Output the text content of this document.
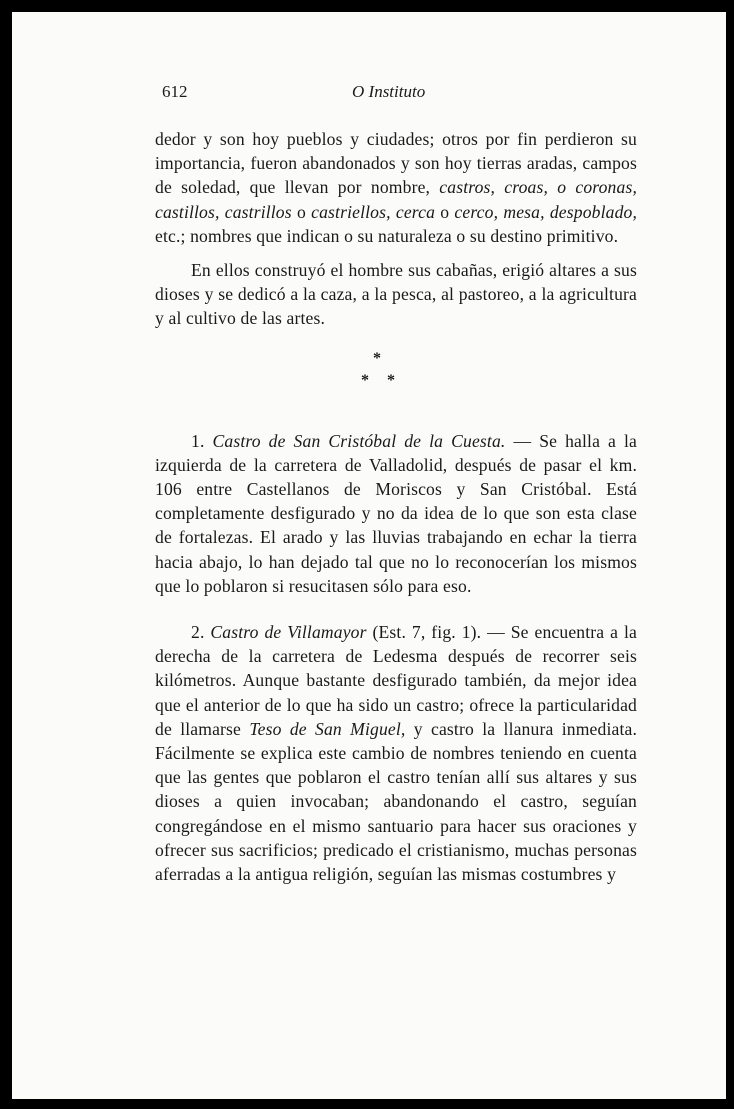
612	O Instituto

dedor y son hoy pueblos y ciudades; otros por fin perdieron su importancia, fueron abandonados y son hoy tierras aradas, campos de soledad, que llevan por nombre, castros, croas, o coronas, castillos, castrillos o castriellos, cerca o cerco, mesa, despoblado, etc.; nombres que indican o su naturaleza o su destino primitivo.

En ellos construyó el hombre sus cabañas, erigió altares a sus dioses y se dedicó a la caza, a la pesca, al pastoreo, a la agricultura y al cultivo de las artes.

*
* *

1. Castro de San Cristóbal de la Cuesta. — Se halla a la izquierda de la carretera de Valladolid, después de pasar el km. 106 entre Castellanos de Moriscos y San Cristóbal. Está completamente desfigurado y no da idea de lo que son esta clase de fortalezas. El arado y las lluvias trabajando en echar la tierra hacia abajo, lo han dejado tal que no lo reconocerían los mismos que lo poblaron si resucitasen sólo para eso.

2. Castro de Villamayor (Est. 7, fig. 1). — Se encuentra a la derecha de la carretera de Ledesma después de recorrer seis kilómetros. Aunque bastante desfigurado también, da mejor idea que el anterior de lo que ha sido un castro; ofrece la particularidad de llamarse Teso de San Miguel, y castro la llanura inmediata. Fácilmente se explica este cambio de nombres teniendo en cuenta que las gentes que poblaron el castro tenían allí sus altares y sus dioses a quien invocaban; abandonando el castro, seguían congregándose en el mismo santuario para hacer sus oraciones y ofrecer sus sacrificios; predicado el cristianismo, muchas personas aferradas a la antigua religión, seguían las mismas costumbres y
